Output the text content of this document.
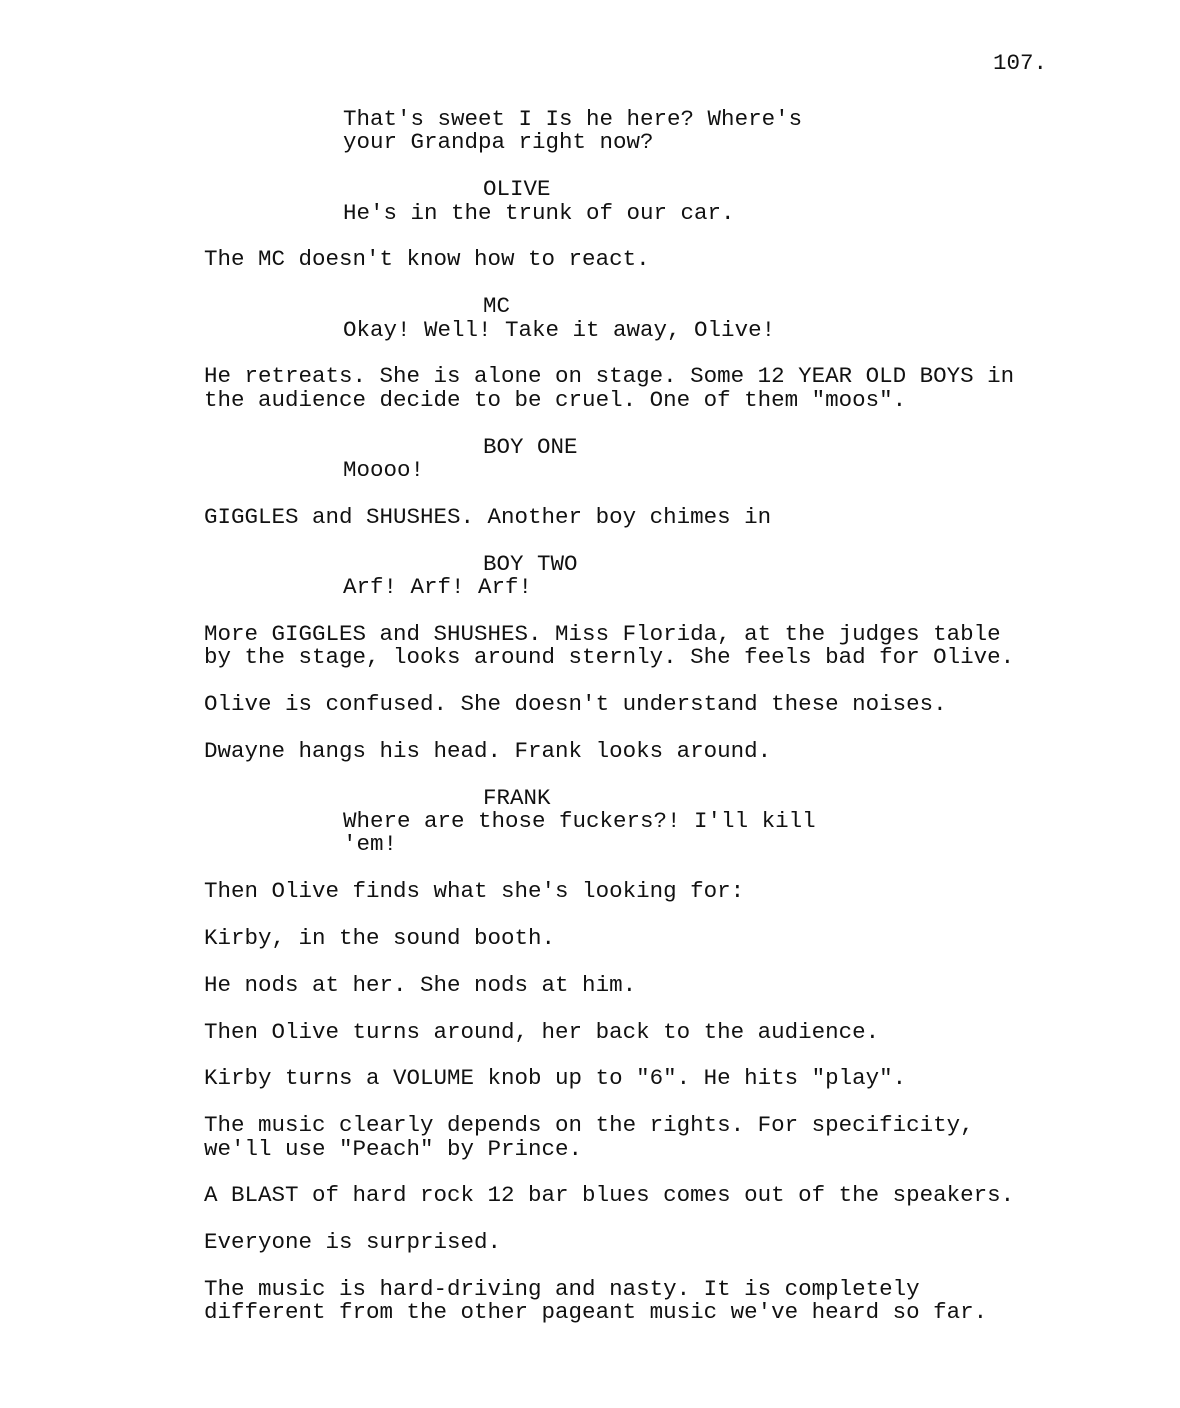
107.
That's sweet I Is he here? Where's
your Grandpa right now?
OLIVE
He's in the trunk of our car.
The MC doesn't know how to react.
MC
Okay! Well! Take it away, Olive!
He retreats. She is alone on stage. Some 12 YEAR OLD BOYS in
the audience decide to be cruel. One of them "moos".
BOY ONE
Moooo!
GIGGLES and SHUSHES. Another boy chimes in
BOY TWO
Arf! Arf! Arf!
More GIGGLES and SHUSHES. Miss Florida, at the judges table
by the stage, looks around sternly. She feels bad for Olive.
Olive is confused. She doesn't understand these noises.
Dwayne hangs his head. Frank looks around.
FRANK
Where are those fuckers?! I'll kill
'em!
Then Olive finds what she's looking for:
Kirby, in the sound booth.
He nods at her. She nods at him.
Then Olive turns around, her back to the audience.
Kirby turns a VOLUME knob up to "6". He hits "play".
The music clearly depends on the rights. For specificity,
we'll use "Peach" by Prince.
A BLAST of hard rock 12 bar blues comes out of the speakers.
Everyone is surprised.
The music is hard-driving and nasty. It is completely
different from the other pageant music we've heard so far.
